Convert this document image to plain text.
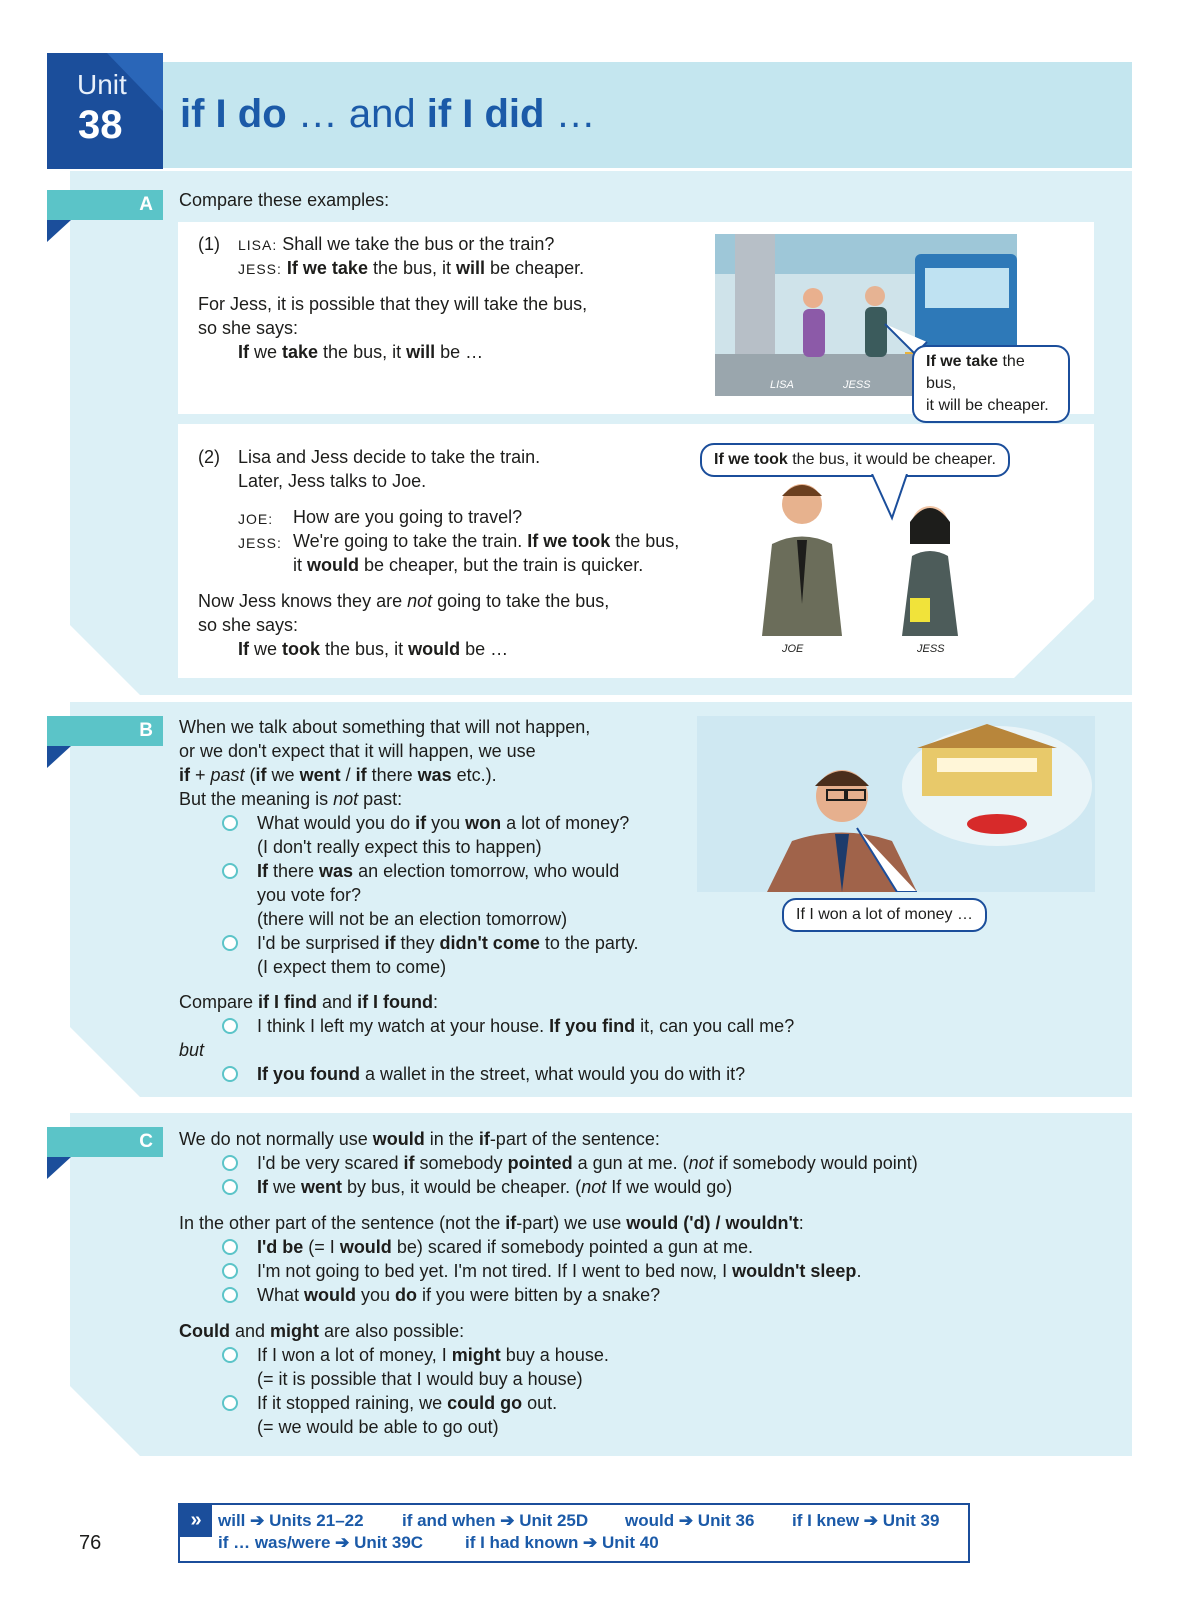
Unit
38 if I do … and if I did …
A	Compare these examples:
(1) LISA: Shall we take the bus or the train?
JESS: If we take the bus, it will be cheaper.
For Jess, it is possible that they will take the bus,
so she says:
If we take the bus, it will be …
LISA	JESS
If we take the bus,
it will be cheaper.
(2) Lisa and Jess decide to take the train.
Later, Jess talks to Joe.
JOE: How are you going to travel?
JESS: We're going to take the train. If we took the bus,
it would be cheaper, but the train is quicker.
Now Jess knows they are not going to take the bus,
so she says:
If we took the bus, it would be …
If we took the bus, it would be cheaper.
JOE	JESS
B	When we talk about something that will not happen,
or we don't expect that it will happen, we use
if + past (if we went / if there was etc.).
But the meaning is not past:
What would you do if you won a lot of money?
(I don't really expect this to happen)
If there was an election tomorrow, who would
you vote for?
(there will not be an election tomorrow)
I'd be surprised if they didn't come to the party.
(I expect them to come)
Compare if I find and if I found:
I think I left my watch at your house. If you find it, can you call me?
but
If you found a wallet in the street, what would you do with it?
If I won a lot of money …
C	We do not normally use would in the if-part of the sentence:
I'd be very scared if somebody pointed a gun at me. (not if somebody would point)
If we went by bus, it would be cheaper. (not If we would go)
In the other part of the sentence (not the if-part) we use would ('d) / wouldn't:
I'd be (= I would be) scared if somebody pointed a gun at me.
I'm not going to bed yet. I'm not tired. If I went to bed now, I wouldn't sleep.
What would you do if you were bitten by a snake?
Could and might are also possible:
If I won a lot of money, I might buy a house.
(= it is possible that I would buy a house)
If it stopped raining, we could go out.
(= we would be able to go out)
76
» will ➔ Units 21–22 if and when ➔ Unit 25D would ➔ Unit 36 if I knew ➔ Unit 39
if … was/were ➔ Unit 39C if I had known ➔ Unit 40
